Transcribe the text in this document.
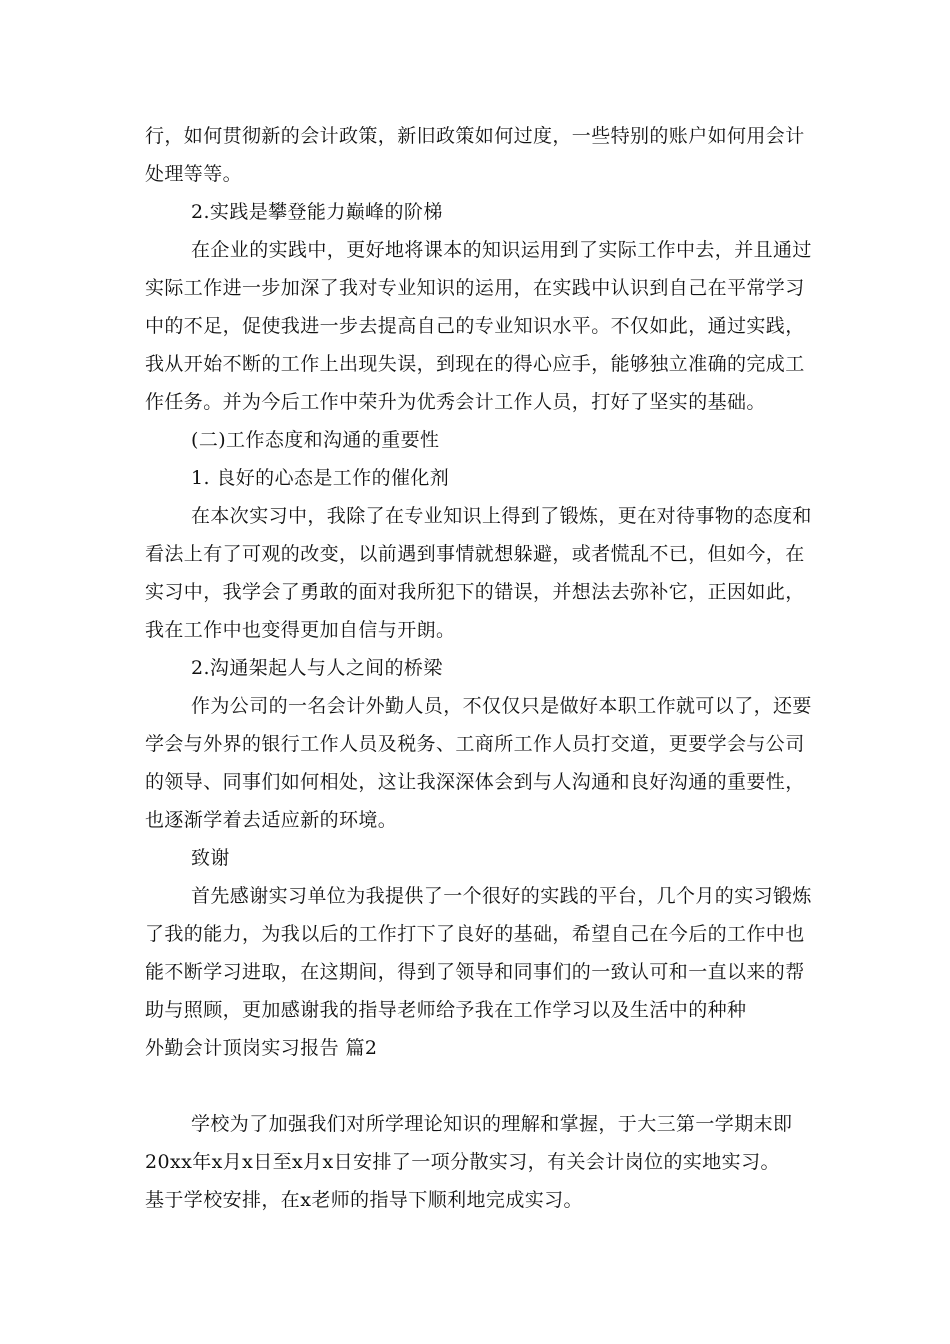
行，如何贯彻新的会计政策，新旧政策如何过度，一些特别的账户如何用会计
处理等等。
2.实践是攀登能力巅峰的阶梯
在企业的实践中，更好地将课本的知识运用到了实际工作中去，并且通过
实际工作进一步加深了我对专业知识的运用，在实践中认识到自己在平常学习
中的不足，促使我进一步去提高自己的专业知识水平。不仅如此，通过实践，
我从开始不断的工作上出现失误，到现在的得心应手，能够独立准确的完成工
作任务。并为今后工作中荣升为优秀会计工作人员，打好了坚实的基础。
(二)工作态度和沟通的重要性
1. 良好的心态是工作的催化剂
在本次实习中，我除了在专业知识上得到了锻炼，更在对待事物的态度和
看法上有了可观的改变，以前遇到事情就想躲避，或者慌乱不已，但如今，在
实习中，我学会了勇敢的面对我所犯下的错误，并想法去弥补它，正因如此，
我在工作中也变得更加自信与开朗。
2.沟通架起人与人之间的桥梁
作为公司的一名会计外勤人员，不仅仅只是做好本职工作就可以了，还要
学会与外界的银行工作人员及税务、工商所工作人员打交道，更要学会与公司
的领导、同事们如何相处，这让我深深体会到与人沟通和良好沟通的重要性，
也逐渐学着去适应新的环境。
致谢
首先感谢实习单位为我提供了一个很好的实践的平台，几个月的实习锻炼
了我的能力，为我以后的工作打下了良好的基础，希望自己在今后的工作中也
能不断学习进取，在这期间，得到了领导和同事们的一致认可和一直以来的帮
助与照顾，更加感谢我的指导老师给予我在工作学习以及生活中的种种
外勤会计顶岗实习报告 篇2
学校为了加强我们对所学理论知识的理解和掌握，于大三第一学期末即
20xx年x月x日至x月x日安排了一项分散实习，有关会计岗位的实地实习。
基于学校安排，在x老师的指导下顺利地完成实习。
